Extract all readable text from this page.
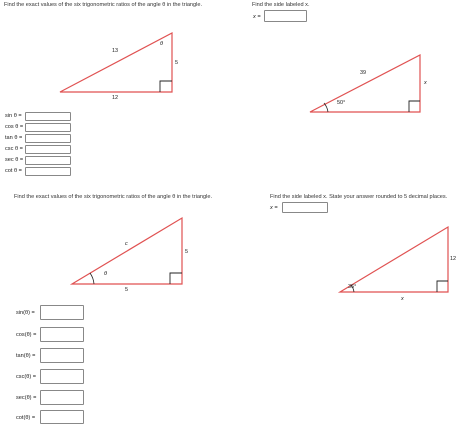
Find the exact values of the six trigonometric ratios of the angle θ in the triangle.
13
5
12
θ
sin θ =
cos θ =
tan θ =
csc θ =
sec θ =
cot θ =
Find the side labeled x.
x =
39
x
50°
Find the exact values of the six trigonometric ratios of the angle θ in the triangle.
c
5
5
θ
sin(θ) =
cos(θ) =
tan(θ) =
csc(θ) =
sec(θ) =
cot(θ) =
Find the side labeled x. State your answer rounded to 5 decimal places.
x =
12
x
36°
